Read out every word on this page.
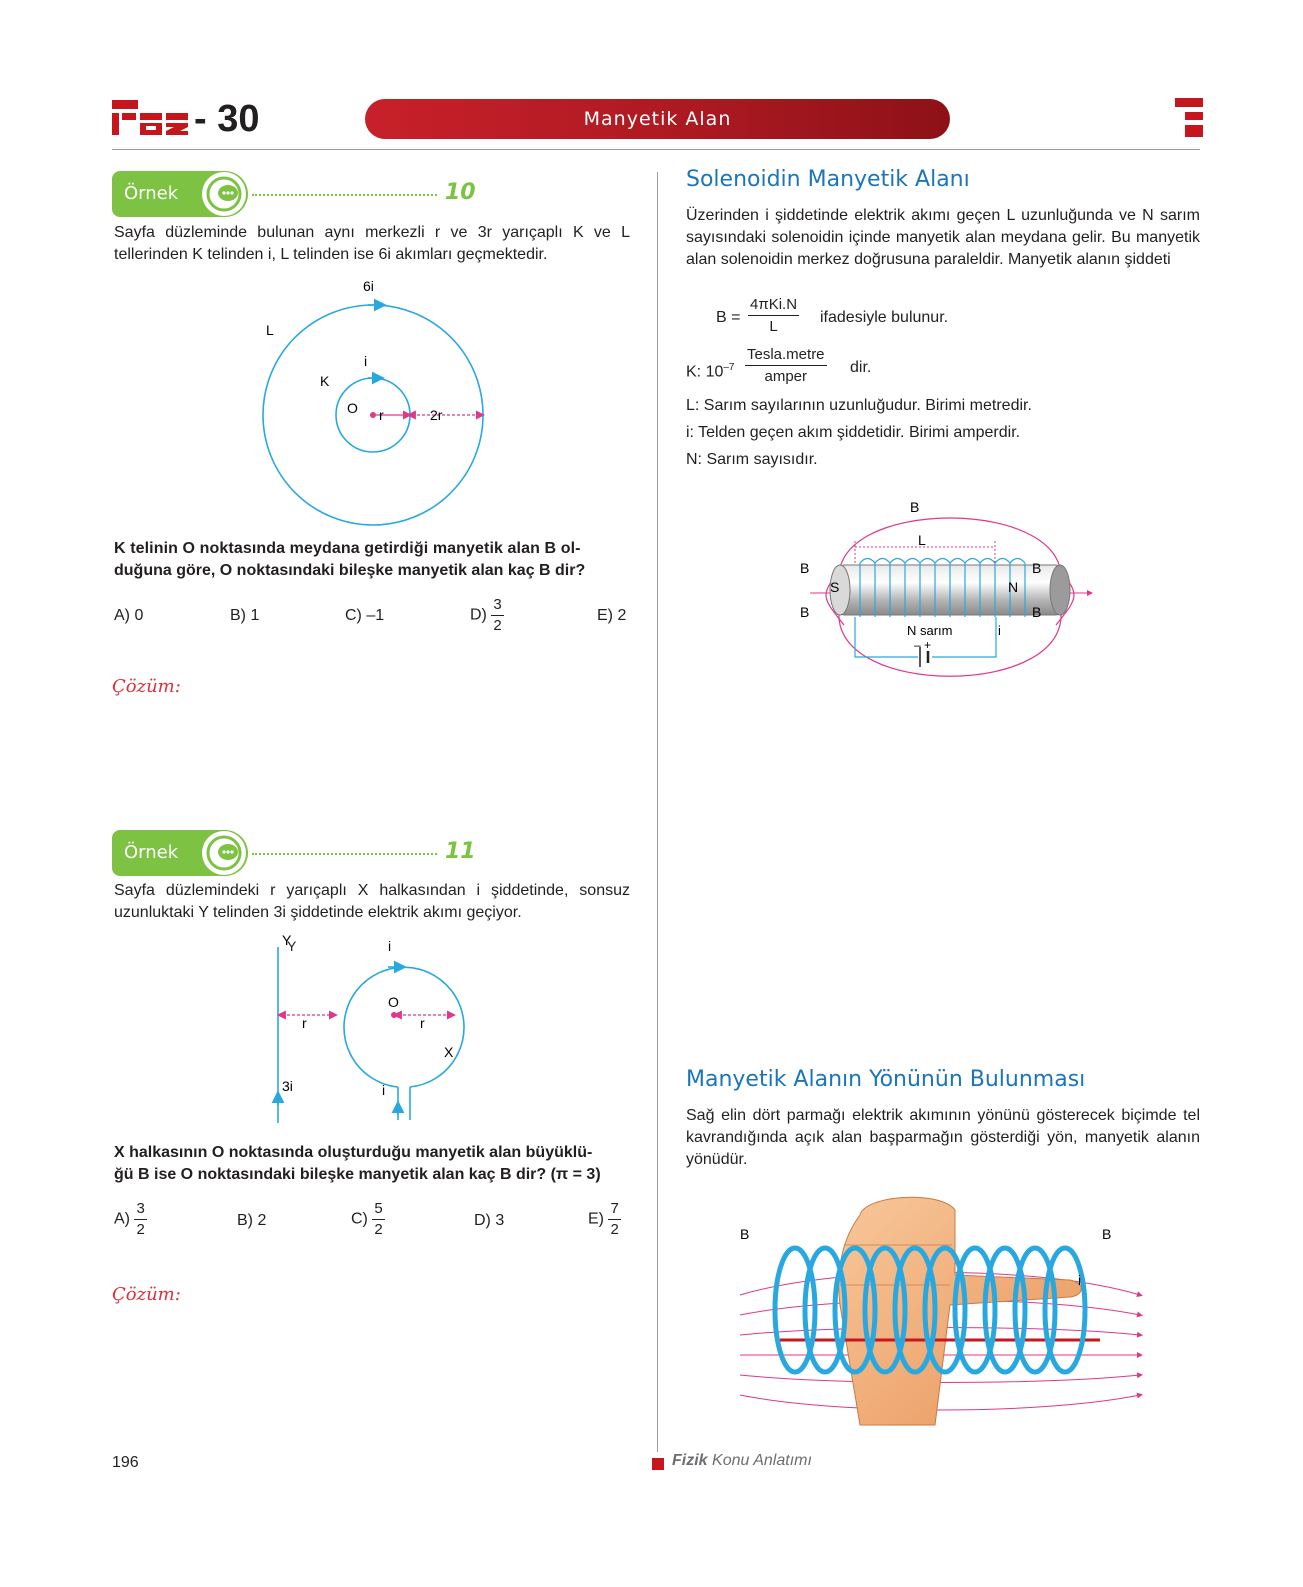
- 30	Manyetik Alan
Örnek	10
Sayfa düzleminde bulunan aynı merkezli r ve 3r yarıçaplı K ve L tellerinden K telinden i, L telinden ise 6i akımları geçmektedir.
6i
L
i
K
O r	2r
K telinin O noktasında meydana getirdiği manyetik alan B ol-
duğuna göre, O noktasındaki bileşke manyetik alan kaç B dir?
A) 0	B) 1	C) –1	$D) \frac{3}{2}$	E) 2
Çözüm:
Örnek	11
Sayfa düzlemindeki r yarıçaplı X halkasından i şiddetinde, sonsuz uzunluktaki Y telinden 3i şiddetinde elektrik akımı geçiyor.
Y
3i
i
O
r	r
X
i
Y
X halkasının O noktasında oluşturduğu manyetik alan büyüklü-
ğü B ise O noktasındaki bileşke manyetik alan kaç B dir? (π = 3)
$A) \frac{3}{2}$	B) 2	$C) \frac{5}{2}$	D) 3	$E) \frac{7}{2}$
Çözüm:
Solenoidin Manyetik Alanı
Üzerinden i şiddetinde elektrik akımı geçen L uzunluğunda ve N sarım sayısındaki solenoidin içinde manyetik alan meydana gelir. Bu manyetik alan solenoidin merkez doğrusuna paraleldir. Manyetik alanın şiddeti
B =
4πKi.N
L
ifadesiyle bulunur.
K: $10^{-7}$
Tesla.metre
amper
dir.
L: Sarım sayılarının uzunluğudur. Birimi metredir.
i: Telden geçen akım şiddetidir. Birimi amperdir.
N: Sarım sayısıdır.
B
L
B
B
B
B
S	N
N sarım	i
– +
Manyetik Alanın Yönünün Bulunması
Sağ elin dört parmağı elektrik akımının yönünü gösterecek biçimde tel kavrandığında açık alan başparmağın gösterdiği yön, manyetik alanın yönüdür.
B	B
i
196	Fizik Konu Anlatımı
